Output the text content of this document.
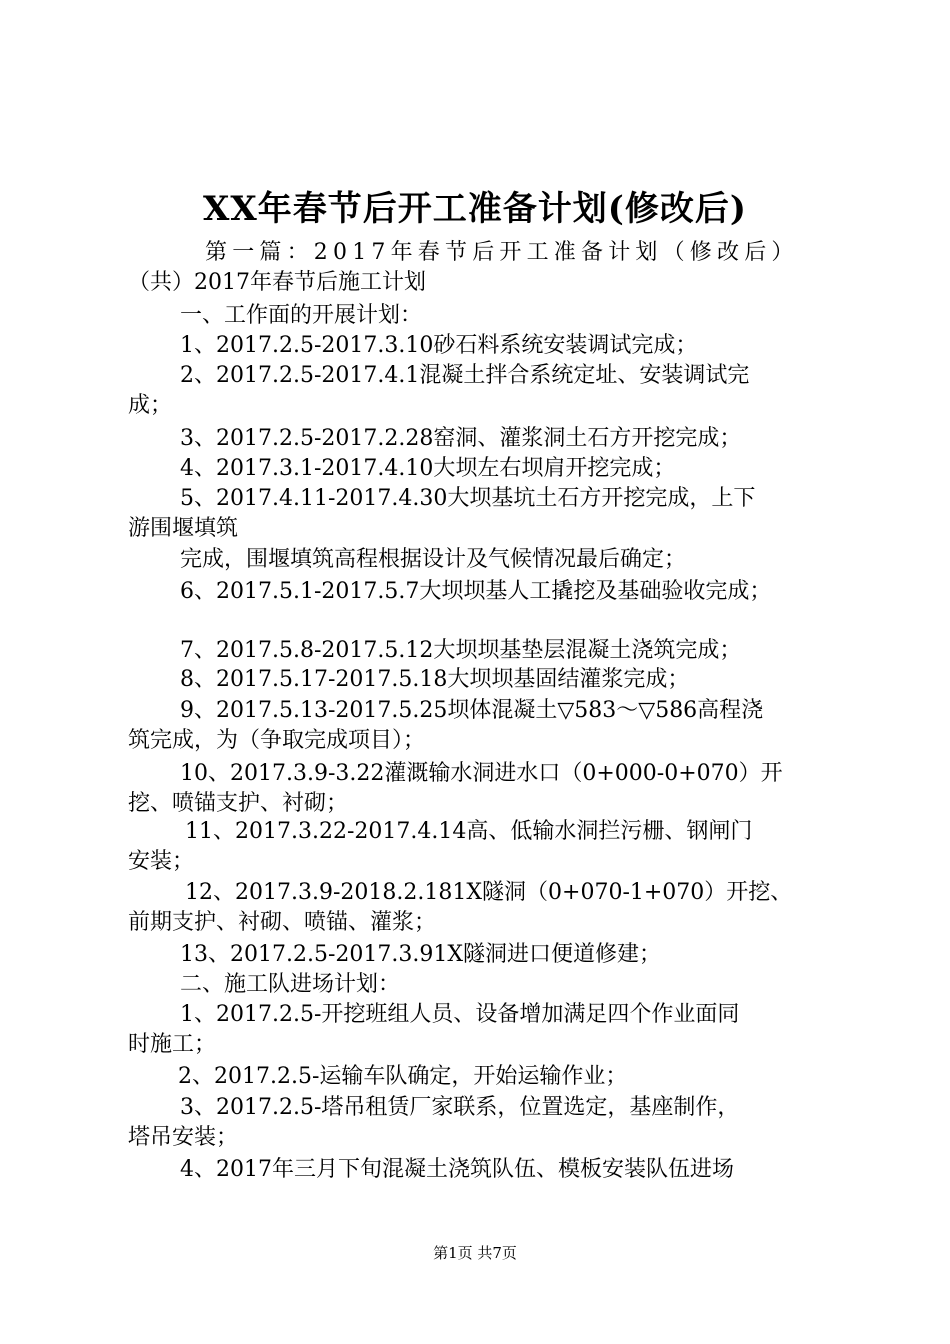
XX年春节后开工准备计划(修改后)
第一篇：2017年春节后开工准备计划（修改后）
（共）2017年春节后施工计划
一、工作面的开展计划：
1、2017.2.5-2017.3.10砂石料系统安装调试完成；
2、2017.2.5-2017.4.1混凝土拌合系统定址、安装调试完
成；
3、2017.2.5-2017.2.28窑洞、灌浆洞土石方开挖完成；
4、2017.3.1-2017.4.10大坝左右坝肩开挖完成；
5、2017.4.11-2017.4.30大坝基坑土石方开挖完成，上下
游围堰填筑
完成，围堰填筑高程根据设计及气候情况最后确定；
6、2017.5.1-2017.5.7大坝坝基人工撬挖及基础验收完成；
7、2017.5.8-2017.5.12大坝坝基垫层混凝土浇筑完成；
8、2017.5.17-2017.5.18大坝坝基固结灌浆完成；
9、2017.5.13-2017.5.25坝体混凝土▽583～▽586高程浇
筑完成，为（争取完成项目）；
10、2017.3.9-3.22灌溉输水洞进水口（0+000-0+070）开
挖、喷锚支护、衬砌；
11、2017.3.22-2017.4.14高、低输水洞拦污栅、钢闸门
安装；
12、2017.3.9-2018.2.181X隧洞（0+070-1+070）开挖、
前期支护、衬砌、喷锚、灌浆；
13、2017.2.5-2017.3.91X隧洞进口便道修建；
二、施工队进场计划：
1、2017.2.5-开挖班组人员、设备增加满足四个作业面同
时施工；
2、2017.2.5-运输车队确定，开始运输作业；
3、2017.2.5-塔吊租赁厂家联系，位置选定，基座制作，
塔吊安装；
4、2017年三月下旬混凝土浇筑队伍、模板安装队伍进场
第1页 共7页
